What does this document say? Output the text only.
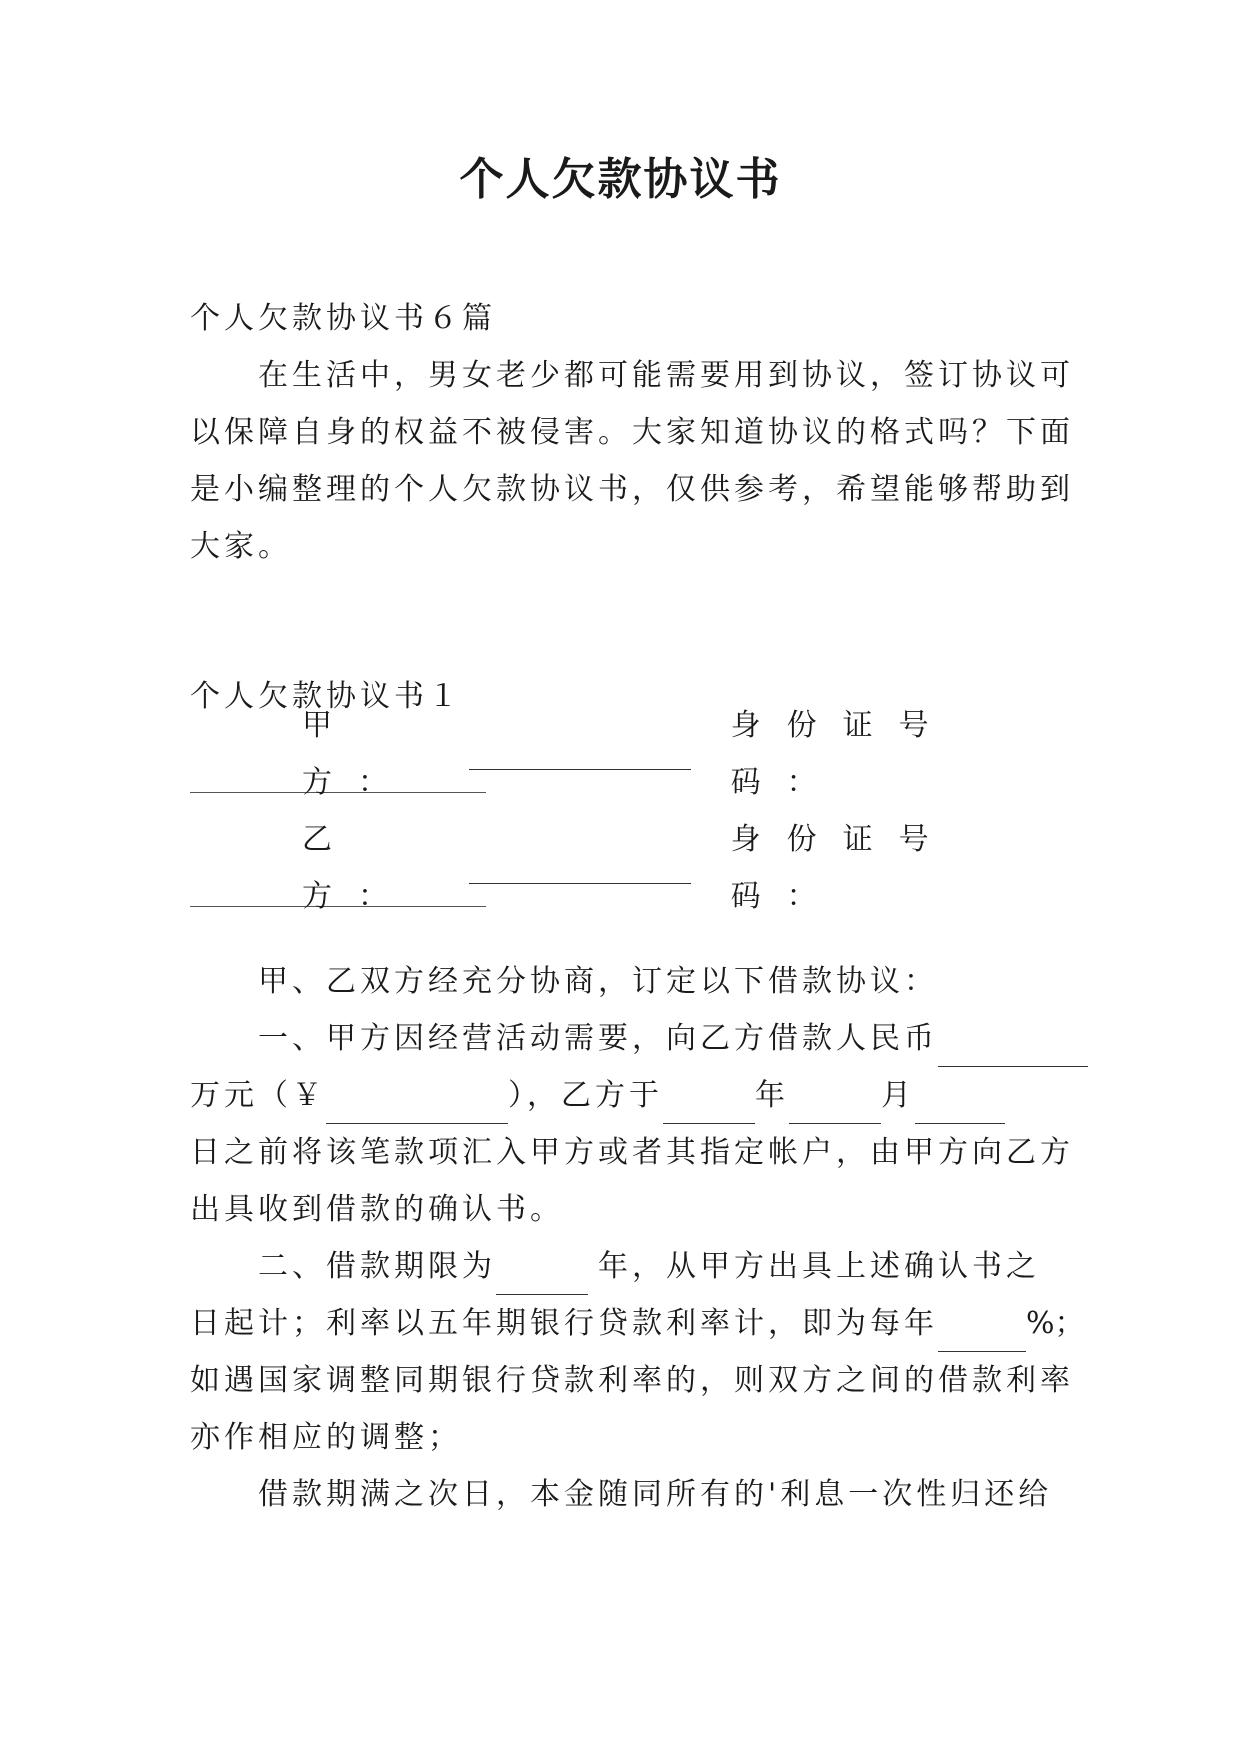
个人欠款协议书
个人欠款协议书６篇
在生活中，男女老少都可能需要用到协议，签订协议可
以保障自身的权益不被侵害。大家知道协议的格式吗？下面
是小编整理的个人欠款协议书，仅供参考，希望能够帮助到
大家。
个人欠款协议书１
甲方：
身份证号码：
乙方：
身份证号码：
甲、乙双方经充分协商，订定以下借款协议：
一、甲方因经营活动需要，向乙方借款人民币
万元（￥	），乙方于	年	月
日之前将该笔款项汇入甲方或者其指定帐户，由甲方向乙方
出具收到借款的确认书。
二、借款期限为	年，从甲方出具上述确认书之
日起计；利率以五年期银行贷款利率计，即为每年	%；
如遇国家调整同期银行贷款利率的，则双方之间的借款利率
亦作相应的调整；
借款期满之次日，本金随同所有的'利息一次性归还给
